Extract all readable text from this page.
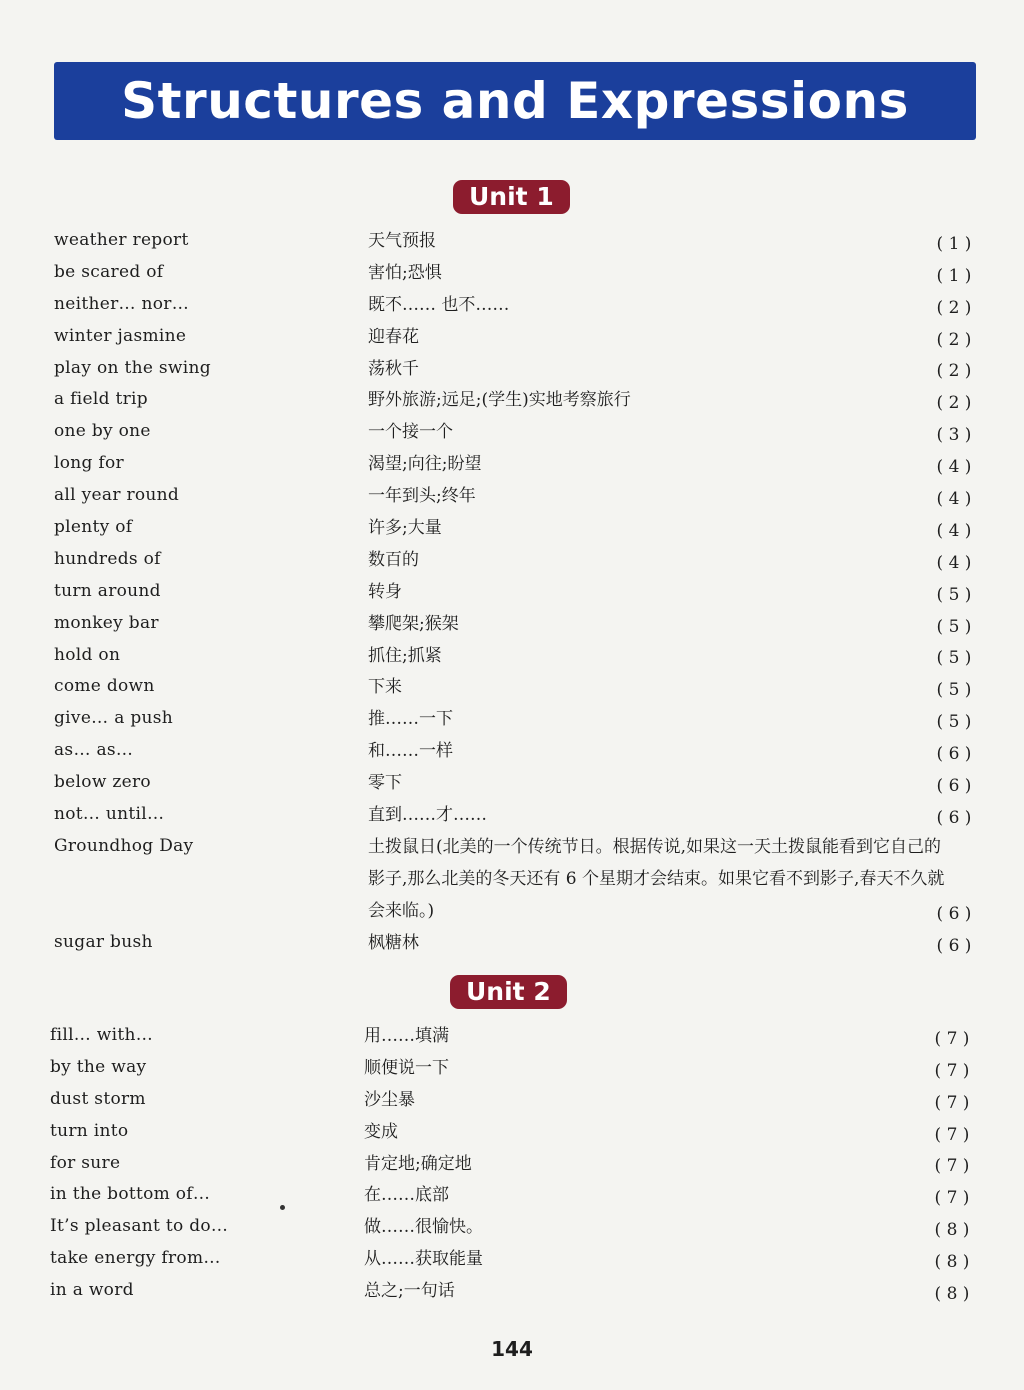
Structures and Expressions
Unit 1
weather report	天气预报	( 1 )
be scared of	害怕;恐惧	( 1 )
neither… nor…	既不…… 也不……	( 2 )
winter jasmine	迎春花	( 2 )
play on the swing	荡秋千	( 2 )
a field trip	野外旅游;远足;(学生)实地考察旅行	( 2 )
one by one	一个接一个	( 3 )
long for	渴望;向往;盼望	( 4 )
all year round	一年到头;终年	( 4 )
plenty of	许多;大量	( 4 )
hundreds of	数百的	( 4 )
turn around	转身	( 5 )
monkey bar	攀爬架;猴架	( 5 )
hold on	抓住;抓紧	( 5 )
come down	下来	( 5 )
give… a push	推……一下	( 5 )
as… as…	和……一样	( 6 )
below zero	零下	( 6 )
not… until…	直到……才……	( 6 )
Groundhog Day	土拨鼠日(北美的一个传统节日。根据传说,如果这一天土拨鼠能看到它自己的影子,那么北美的冬天还有 6 个星期才会结束。如果它看不到影子,春天不久就会来临。)	( 6 )
sugar bush	枫糖林	( 6 )
Unit 2
fill… with…	用……填满	( 7 )
by the way	顺便说一下	( 7 )
dust storm	沙尘暴	( 7 )
turn into	变成	( 7 )
for sure	肯定地;确定地	( 7 )
in the bottom of…	在……底部	( 7 )
It’s pleasant to do…	做……很愉快。	( 8 )
take energy from…	从……获取能量	( 8 )
in a word	总之;一句话	( 8 )
144
